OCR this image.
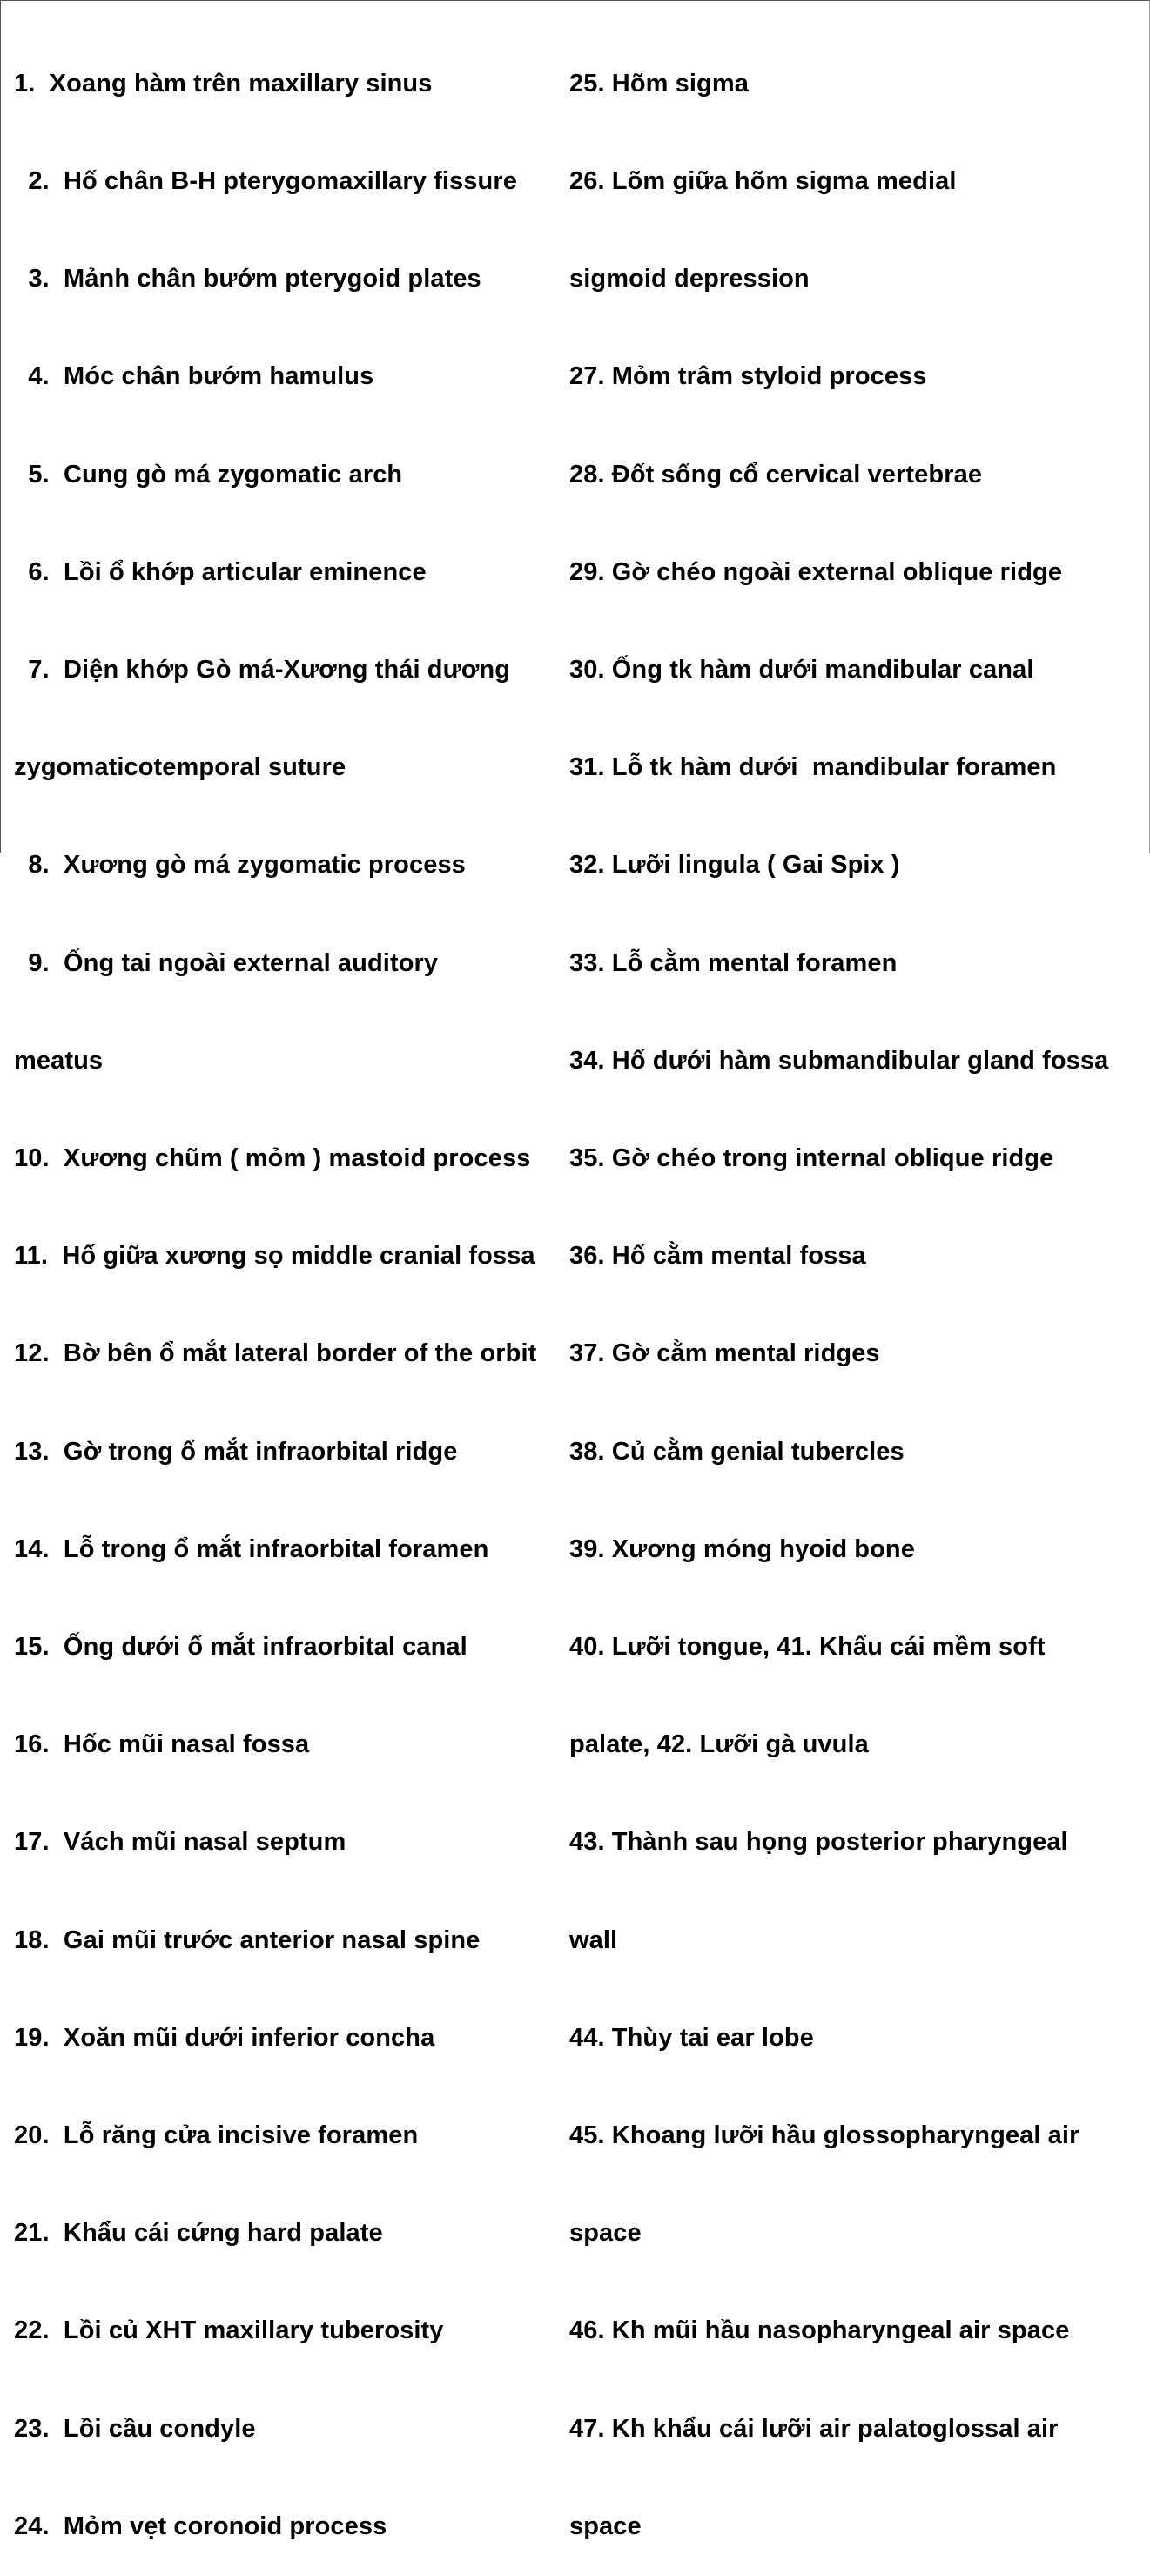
1.  Xoang hàm trên maxillary sinus

2.  Hố chân B-H pterygomaxillary fissure

3.  Mảnh chân bướm pterygoid plates

4.  Móc chân bướm hamulus

5.  Cung gò má zygomatic arch

6.  Lồi ổ khớp articular eminence

7.  Diện khớp Gò má-Xương thái dương

zygomaticotemporal suture

8.  Xương gò má zygomatic process

9.  Ống tai ngoài external auditory

meatus

10.  Xương chũm ( mỏm ) mastoid process

11.  Hố giữa xương sọ middle cranial fossa

12.  Bờ bên ổ mắt lateral border of the orbit

13.  Gờ trong ổ mắt infraorbital ridge

14.  Lỗ trong ổ mắt infraorbital foramen

15.  Ống dưới ổ mắt infraorbital canal

16.  Hốc mũi nasal fossa

17.  Vách mũi nasal septum

18.  Gai mũi trước anterior nasal spine

19.  Xoăn mũi dưới inferior concha

20.  Lỗ răng cửa incisive foramen

21.  Khẩu cái cứng hard palate

22.  Lồi củ XHT maxillary tuberosity

23.  Lồi cầu condyle

24.  Mỏm vẹt coronoid process

25. Hõm sigma

26. Lõm giữa hõm sigma medial

sigmoid depression

27. Mỏm trâm styloid process

28. Đốt sống cổ cervical vertebrae

29. Gờ chéo ngoài external oblique ridge

30. Ống tk hàm dưới mandibular canal

31. Lỗ tk hàm dưới  mandibular foramen

32. Lưỡi lingula ( Gai Spix )

33. Lỗ cằm mental foramen

34. Hố dưới hàm submandibular gland fossa

35. Gờ chéo trong internal oblique ridge

36. Hố cằm mental fossa

37. Gờ cằm mental ridges

38. Củ cằm genial tubercles

39. Xương móng hyoid bone

40. Lưỡi tongue, 41. Khẩu cái mềm soft

palate, 42. Lưỡi gà uvula

43. Thành sau họng posterior pharyngeal

wall

44. Thùy tai ear lobe

45. Khoang lưỡi hầu glossopharyngeal air

space

46. Kh mũi hầu nasopharyngeal air space

47. Kh khẩu cái lưỡi air palatoglossal air

space
